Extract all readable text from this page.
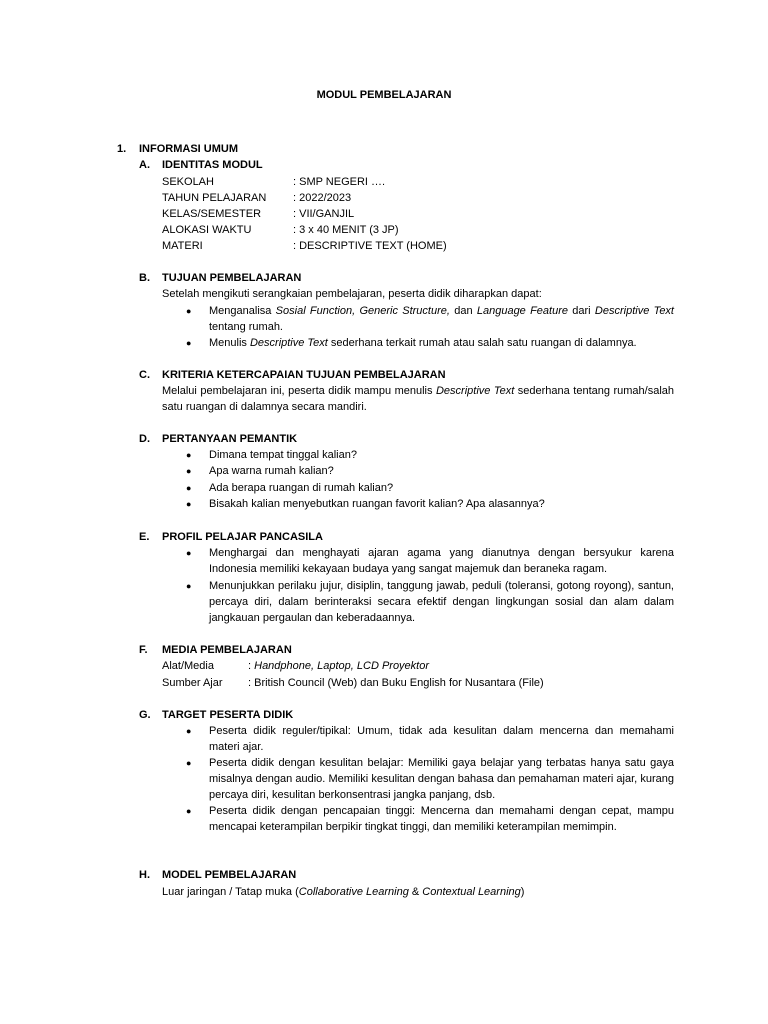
MODUL PEMBELAJARAN
1. INFORMASI UMUM
A. IDENTITAS MODUL
SEKOLAH	: SMP NEGERI ….
TAHUN PELAJARAN : 2022/2023
KELAS/SEMESTER	: VII/GANJIL
ALOKASI WAKTU	: 3 x 40 MENIT (3 JP)
MATERI	: DESCRIPTIVE TEXT (HOME)
B. TUJUAN PEMBELAJARAN
Setelah mengikuti serangkaian pembelajaran, peserta didik diharapkan dapat:
● Menganalisa Sosial Function, Generic Structure, dan Language Feature dari Descriptive Text tentang rumah.
● Menulis Descriptive Text sederhana terkait rumah atau salah satu ruangan di dalamnya.
C. KRITERIA KETERCAPAIAN TUJUAN PEMBELAJARAN
Melalui pembelajaran ini, peserta didik mampu menulis Descriptive Text sederhana tentang rumah/salah satu ruangan di dalamnya secara mandiri.
D. PERTANYAAN PEMANTIK
● Dimana tempat tinggal kalian?
● Apa warna rumah kalian?
● Ada berapa ruangan di rumah kalian?
● Bisakah kalian menyebutkan ruangan favorit kalian? Apa alasannya?
E. PROFIL PELAJAR PANCASILA
● Menghargai dan menghayati ajaran agama yang dianutnya dengan bersyukur karena Indonesia memiliki kekayaan budaya yang sangat majemuk dan beraneka ragam.
● Menunjukkan perilaku jujur, disiplin, tanggung jawab, peduli (toleransi, gotong royong), santun, percaya diri, dalam berinteraksi secara efektif dengan lingkungan sosial dan alam dalam jangkauan pergaulan dan keberadaannya.
F. MEDIA PEMBELAJARAN
Alat/Media	: Handphone, Laptop, LCD Proyektor
Sumber Ajar : British Council (Web) dan Buku English for Nusantara (File)
G. TARGET PESERTA DIDIK
● Peserta didik reguler/tipikal: Umum, tidak ada kesulitan dalam mencerna dan memahami materi ajar.
● Peserta didik dengan kesulitan belajar: Memiliki gaya belajar yang terbatas hanya satu gaya misalnya dengan audio. Memiliki kesulitan dengan bahasa dan pemahaman materi ajar, kurang percaya diri, kesulitan berkonsentrasi jangka panjang, dsb.
● Peserta didik dengan pencapaian tinggi: Mencerna dan memahami dengan cepat, mampu mencapai keterampilan berpikir tingkat tinggi, dan memiliki keterampilan memimpin.
H. MODEL PEMBELAJARAN
Luar jaringan / Tatap muka (Collaborative Learning & Contextual Learning)
